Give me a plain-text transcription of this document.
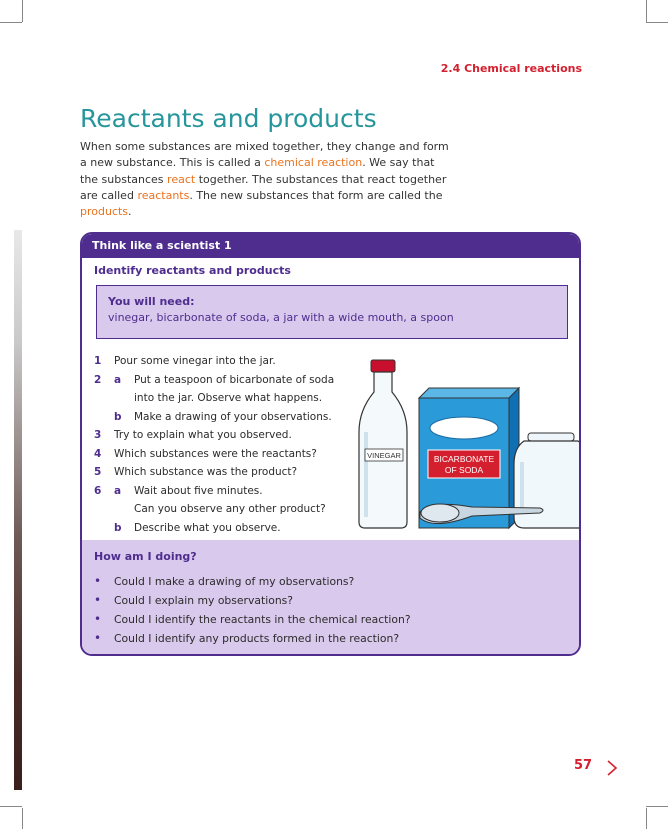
2.4 Chemical reactions
Reactants and products

When some substances are mixed together, they change and form a new substance. This is called a chemical reaction. We say that the substances react together. The substances that react together are called reactants. The new substances that form are called the products.

Think like a scientist 1
Identify reactants and products
You will need:
vinegar, bicarbonate of soda, a jar with a wide mouth, a spoon
1 Pour some vinegar into the jar.
2 a Put a teaspoon of bicarbonate of soda
into the jar. Observe what happens.
b Make a drawing of your observations.
3 Try to explain what you observed.
4 Which substances were the reactants?
5 Which substance was the product?
6 a Wait about five minutes.
Can you observe any other product?
b Describe what you observe.
VINEGAR	BICARBONATE
OF SODA
How am I doing?
• Could I make a drawing of my observations?
• Could I explain my observations?
• Could I identify the reactants in the chemical reaction?
• Could I identify any products formed in the reaction?
57
